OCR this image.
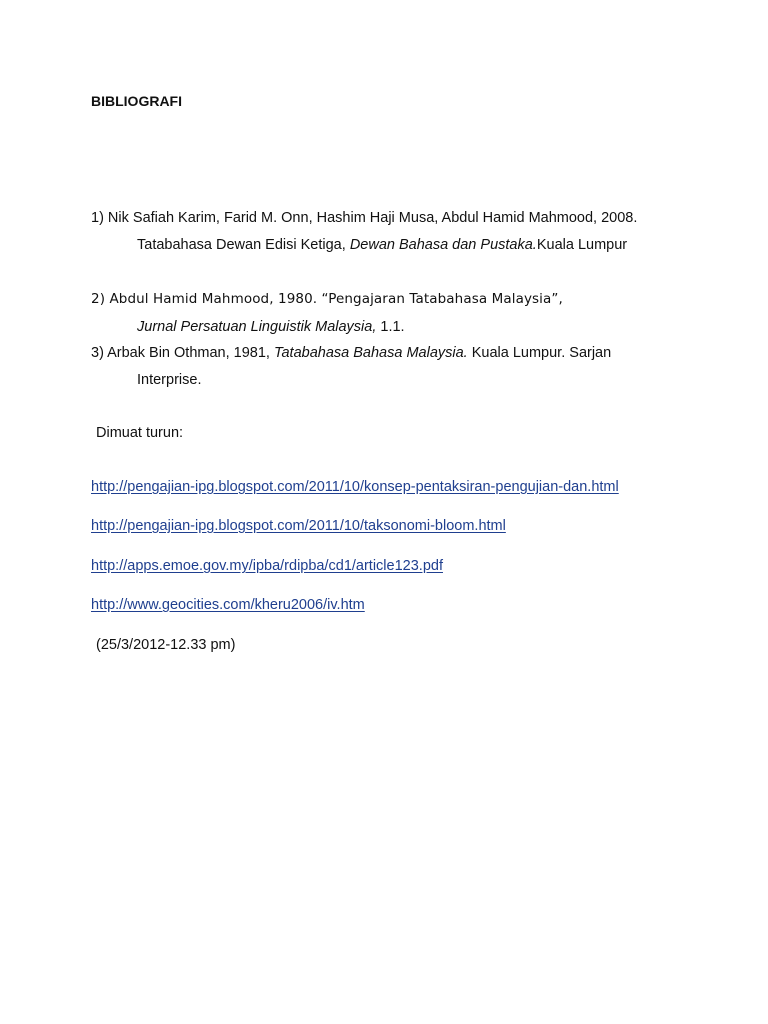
BIBLIOGRAFI
1) Nik Safiah Karim, Farid M. Onn, Hashim Haji Musa, Abdul Hamid Mahmood, 2008.
Tatabahasa Dewan Edisi Ketiga, Dewan Bahasa dan Pustaka.Kuala Lumpur
2) Abdul Hamid Mahmood, 1980. “Pengajaran Tatabahasa Malaysia”,
Jurnal Persatuan Linguistik Malaysia, 1.1.
3) Arbak Bin Othman, 1981, Tatabahasa Bahasa Malaysia. Kuala Lumpur. Sarjan
Interprise.
Dimuat turun:
http://pengajian-ipg.blogspot.com/2011/10/konsep-pentaksiran-pengujian-dan.html
http://pengajian-ipg.blogspot.com/2011/10/taksonomi-bloom.html
http://apps.emoe.gov.my/ipba/rdipba/cd1/article123.pdf
http://www.geocities.com/kheru2006/iv.htm
(25/3/2012-12.33 pm)
